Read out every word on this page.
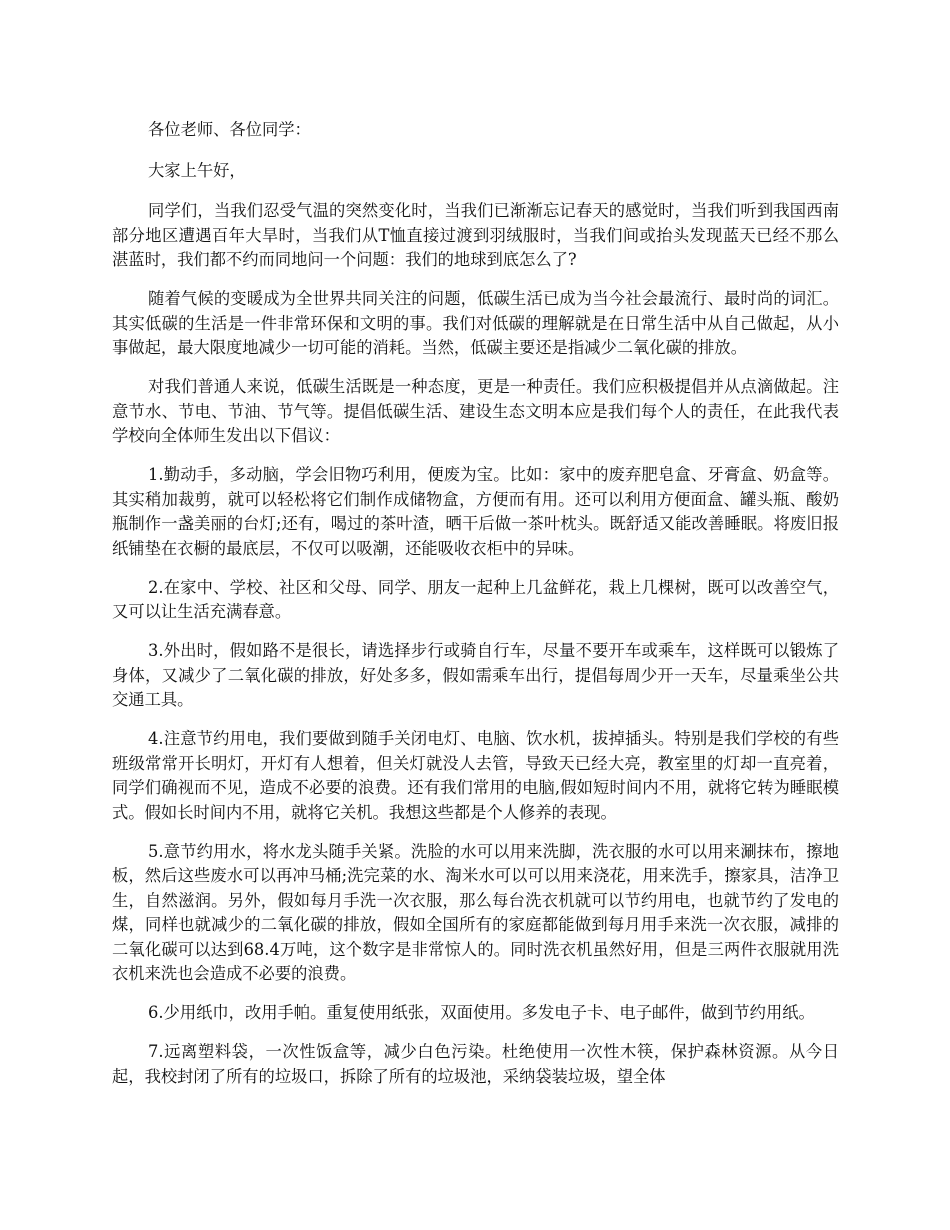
各位老师、各位同学：

大家上午好，

同学们，当我们忍受气温的突然变化时，当我们已渐渐忘记春天的感觉时，当我们听到我国西南部分地区遭遇百年大旱时，当我们从T恤直接过渡到羽绒服时，当我们间或抬头发现蓝天已经不那么湛蓝时，我们都不约而同地问一个问题：我们的地球到底怎么了?

随着气候的变暖成为全世界共同关注的问题，低碳生活已成为当今社会最流行、最时尚的词汇。其实低碳的生活是一件非常环保和文明的事。我们对低碳的理解就是在日常生活中从自己做起，从小事做起，最大限度地减少一切可能的消耗。当然，低碳主要还是指减少二氧化碳的排放。

对我们普通人来说，低碳生活既是一种态度，更是一种责任。我们应积极提倡并从点滴做起。注意节水、节电、节油、节气等。提倡低碳生活、建设生态文明本应是我们每个人的责任，在此我代表学校向全体师生发出以下倡议：

1.勤动手，多动脑，学会旧物巧利用，便废为宝。比如：家中的废弃肥皂盒、牙膏盒、奶盒等。其实稍加裁剪，就可以轻松将它们制作成储物盒，方便而有用。还可以利用方便面盒、罐头瓶、酸奶瓶制作一盏美丽的台灯;还有，喝过的茶叶渣，晒干后做一茶叶枕头。既舒适又能改善睡眠。将废旧报纸铺垫在衣橱的最底层，不仅可以吸潮，还能吸收衣柜中的异味。

2.在家中、学校、社区和父母、同学、朋友一起种上几盆鲜花，栽上几棵树，既可以改善空气，又可以让生活充满春意。

3.外出时，假如路不是很长，请选择步行或骑自行车，尽量不要开车或乘车，这样既可以锻炼了身体，又减少了二氧化碳的排放，好处多多，假如需乘车出行，提倡每周少开一天车，尽量乘坐公共交通工具。

4.注意节约用电，我们要做到随手关闭电灯、电脑、饮水机，拔掉插头。特别是我们学校的有些班级常常开长明灯，开灯有人想着，但关灯就没人去管，导致天已经大亮，教室里的灯却一直亮着，同学们确视而不见，造成不必要的浪费。还有我们常用的电脑,假如短时间内不用，就将它转为睡眠模式。假如长时间内不用，就将它关机。我想这些都是个人修养的表现。

5.意节约用水，将水龙头随手关紧。洗脸的水可以用来洗脚，洗衣服的水可以用来涮抹布，擦地板，然后这些废水可以再冲马桶;洗完菜的水、淘米水可以可以用来浇花，用来洗手，擦家具，洁净卫生，自然滋润。另外，假如每月手洗一次衣服，那么每台洗衣机就可以节约用电，也就节约了发电的煤，同样也就减少的二氧化碳的排放，假如全国所有的家庭都能做到每月用手来洗一次衣服，减排的二氧化碳可以达到68.4万吨，这个数字是非常惊人的。同时洗衣机虽然好用，但是三两件衣服就用洗衣机来洗也会造成不必要的浪费。

6.少用纸巾，改用手帕。重复使用纸张，双面使用。多发电子卡、电子邮件，做到节约用纸。

7.远离塑料袋，一次性饭盒等，减少白色污染。杜绝使用一次性木筷，保护森林资源。从今日起，我校封闭了所有的垃圾口，拆除了所有的垃圾池，采纳袋装垃圾，望全体
